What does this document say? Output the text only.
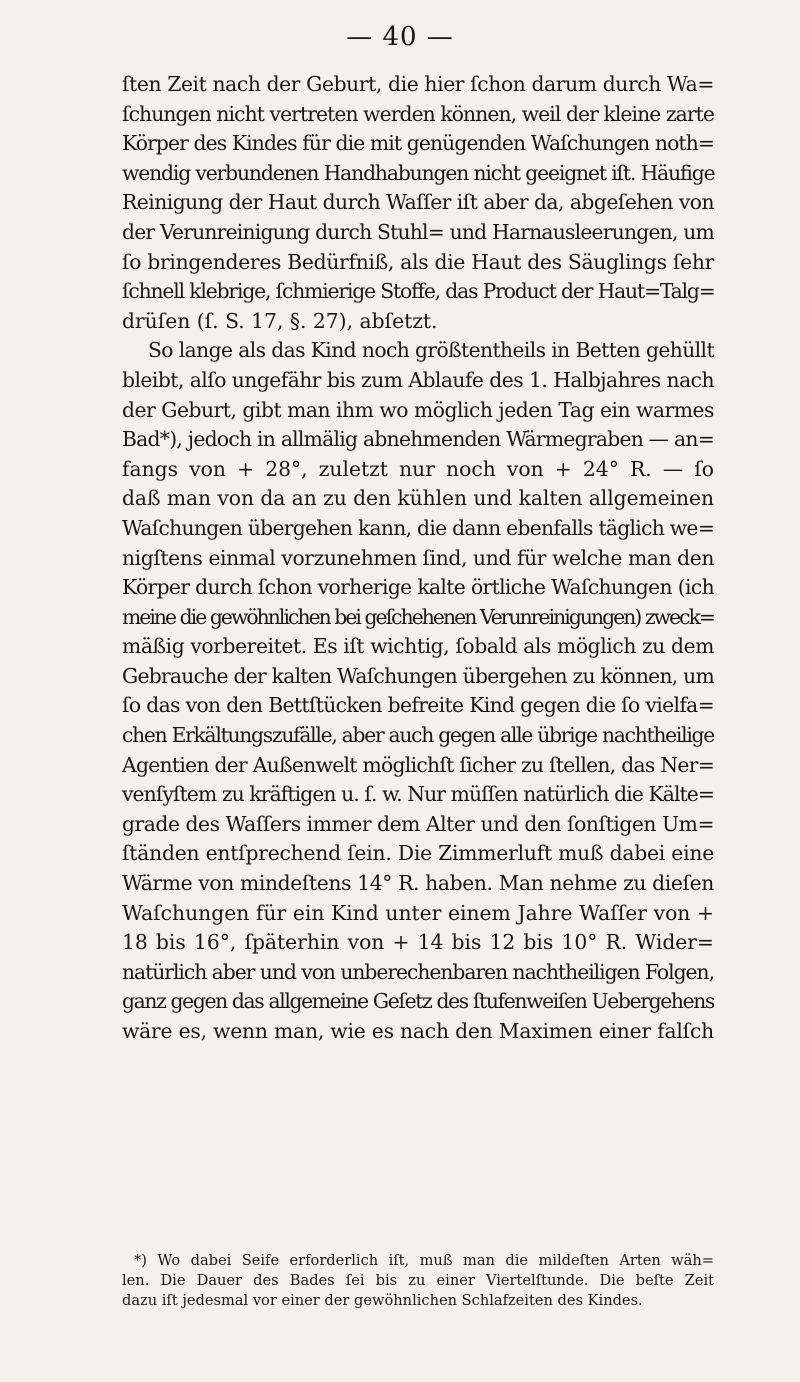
— 40 —
ſten Zeit nach der Geburt, die hier ſchon darum durch Wa=
ſchungen nicht vertreten werden können, weil der kleine zarte
Körper des Kindes für die mit genügenden Waſchungen noth=
wendig verbundenen Handhabungen nicht geeignet iſt. Häufige
Reinigung der Haut durch Waſſer iſt aber da, abgeſehen von
der Verunreinigung durch Stuhl= und Harnausleerungen, um
ſo bringenderes Bedürfniß, als die Haut des Säuglings ſehr
ſchnell klebrige, ſchmierige Stoffe, das Product der Haut=Talg=
drüſen (ſ. S. 17, §. 27), abſetzt.
So lange als das Kind noch größtentheils in Betten gehüllt
bleibt, alſo ungefähr bis zum Ablaufe des 1. Halbjahres nach
der Geburt, gibt man ihm wo möglich jeden Tag ein warmes
Bad*), jedoch in allmälig abnehmenden Wärmegraben — an=
fangs von + 28°, zuletzt nur noch von + 24° R. — ſo
daß man von da an zu den kühlen und kalten allgemeinen
Waſchungen übergehen kann, die dann ebenfalls täglich we=
nigſtens einmal vorzunehmen ſind, und für welche man den
Körper durch ſchon vorherige kalte örtliche Waſchungen (ich
meine die gewöhnlichen bei geſchehenen Verunreinigungen) zweck=
mäßig vorbereitet. Es iſt wichtig, ſobald als möglich zu dem
Gebrauche der kalten Waſchungen übergehen zu können, um
ſo das von den Bettſtücken befreite Kind gegen die ſo vielfa=
chen Erkältungszufälle, aber auch gegen alle übrige nachtheilige
Agentien der Außenwelt möglichſt ſicher zu ſtellen, das Ner=
venſyſtem zu kräftigen u. ſ. w. Nur müſſen natürlich die Kälte=
grade des Waſſers immer dem Alter und den ſonſtigen Um=
ſtänden entſprechend ſein. Die Zimmerluft muß dabei eine
Wärme von mindeſtens 14° R. haben. Man nehme zu dieſen
Waſchungen für ein Kind unter einem Jahre Waſſer von +
18 bis 16°, ſpäterhin von + 14 bis 12 bis 10° R. Wider=
natürlich aber und von unberechenbaren nachtheiligen Folgen,
ganz gegen das allgemeine Geſetz des ſtufenweiſen Uebergehens
wäre es, wenn man, wie es nach den Maximen einer falſch
*) Wo dabei Seife erforderlich iſt, muß man die mildeſten Arten wäh=
len. Die Dauer des Bades ſei bis zu einer Viertelſtunde. Die beſte Zeit
dazu iſt jedesmal vor einer der gewöhnlichen Schlafzeiten des Kindes.
